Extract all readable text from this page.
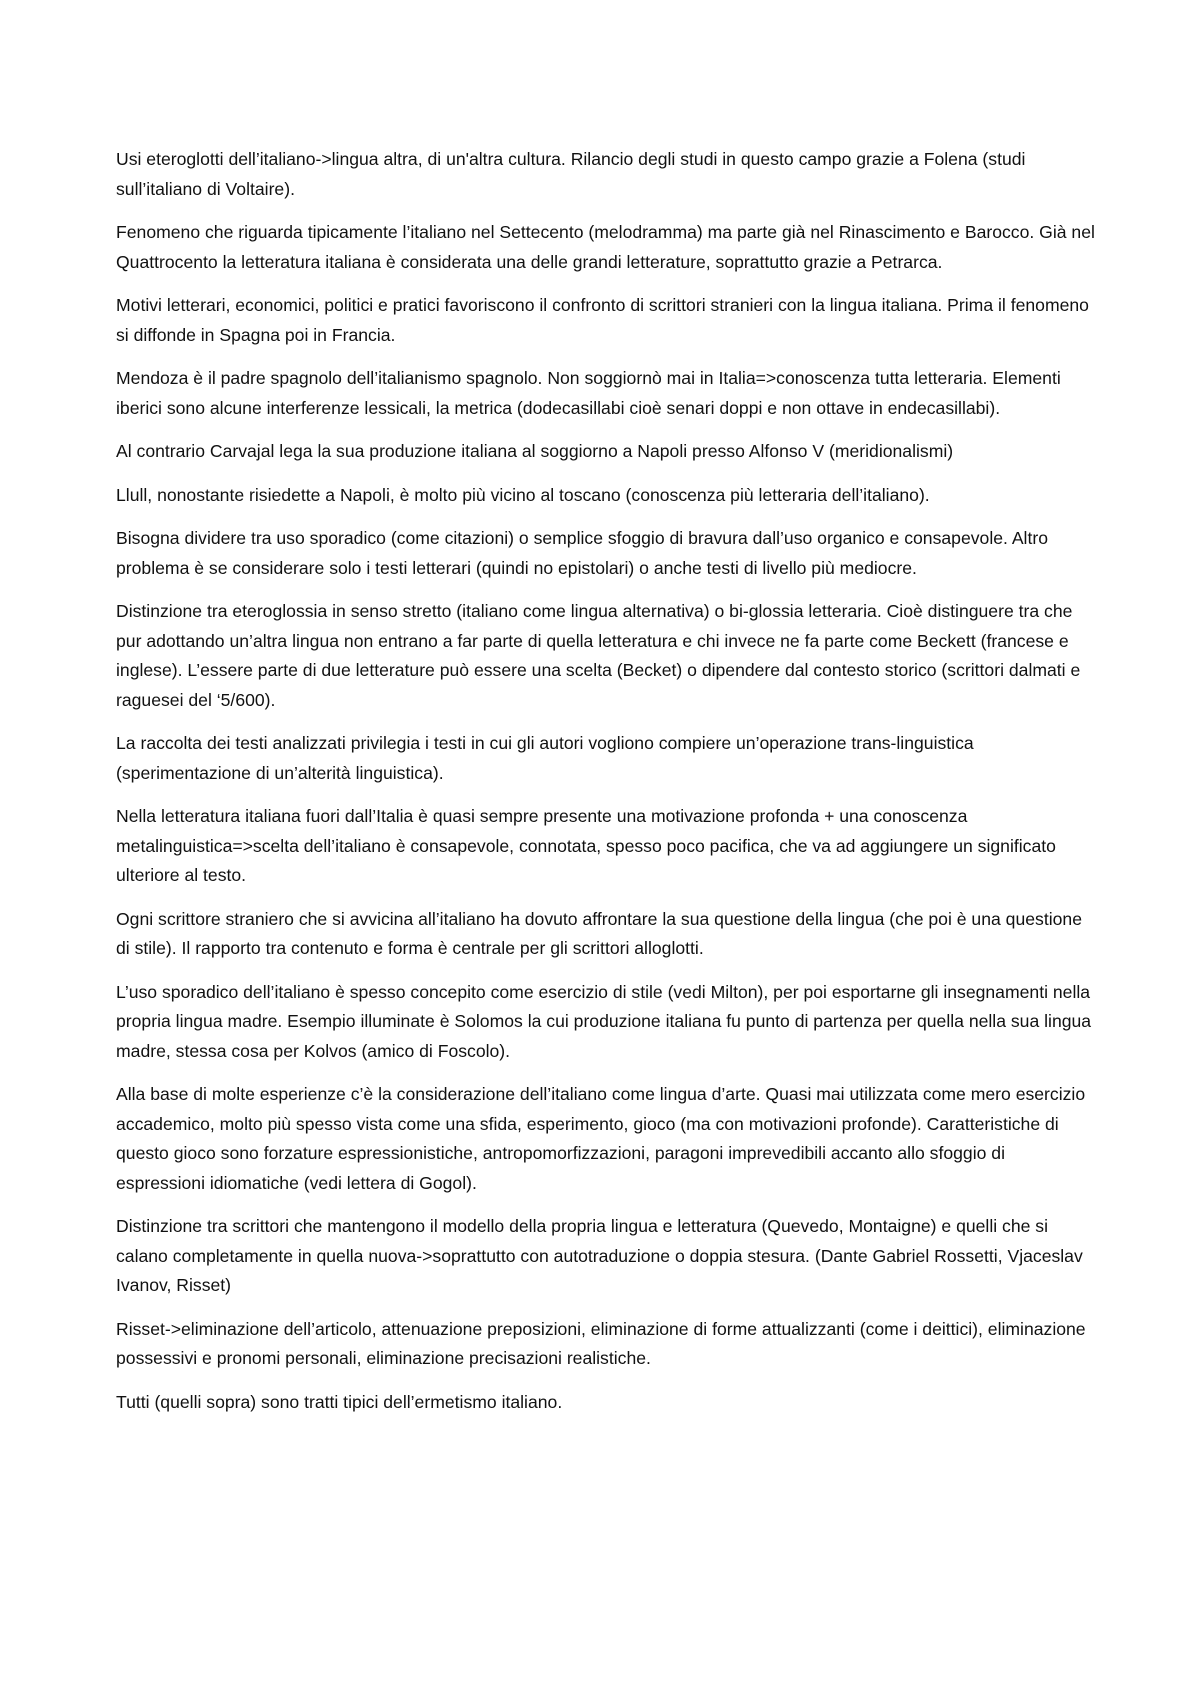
Usi eteroglotti dell’italiano->lingua altra, di un'altra cultura. Rilancio degli studi in questo campo grazie a Folena (studi sull’italiano di Voltaire).

Fenomeno che riguarda tipicamente l’italiano nel Settecento (melodramma) ma parte già nel Rinascimento e Barocco. Già nel Quattrocento la letteratura italiana è considerata una delle grandi letterature, soprattutto grazie a Petrarca.

Motivi letterari, economici, politici e pratici favoriscono il confronto di scrittori stranieri con la lingua italiana. Prima il fenomeno si diffonde in Spagna poi in Francia.

Mendoza è il padre spagnolo dell’italianismo spagnolo. Non soggiornò mai in Italia=>conoscenza tutta letteraria. Elementi iberici sono alcune interferenze lessicali, la metrica (dodecasillabi cioè senari doppi e non ottave in endecasillabi).

Al contrario Carvajal lega la sua produzione italiana al soggiorno a Napoli presso Alfonso V (meridionalismi)

Llull, nonostante risiedette a Napoli, è molto più vicino al toscano (conoscenza più letteraria dell’italiano).

Bisogna dividere tra uso sporadico (come citazioni) o semplice sfoggio di bravura dall’uso organico e consapevole. Altro problema è se considerare solo i testi letterari (quindi no epistolari) o anche testi di livello più mediocre.

Distinzione tra eteroglossia in senso stretto (italiano come lingua alternativa) o bi-glossia letteraria. Cioè distinguere tra che pur adottando un’altra lingua non entrano a far parte di quella letteratura e chi invece ne fa parte come Beckett (francese e inglese). L’essere parte di due letterature può essere una scelta (Becket) o dipendere dal contesto storico (scrittori dalmati e raguesei del ‘5/600).

La raccolta dei testi analizzati privilegia i testi in cui gli autori vogliono compiere un’operazione trans-linguistica (sperimentazione di un’alterità linguistica).

Nella letteratura italiana fuori dall’Italia è quasi sempre presente una motivazione profonda + una conoscenza metalinguistica=>scelta dell’italiano è consapevole, connotata, spesso poco pacifica, che va ad aggiungere un significato ulteriore al testo.

Ogni scrittore straniero che si avvicina all’italiano ha dovuto affrontare la sua questione della lingua (che poi è una questione di stile). Il rapporto tra contenuto e forma è centrale per gli scrittori alloglotti.

L’uso sporadico dell’italiano è spesso concepito come esercizio di stile (vedi Milton), per poi esportarne gli insegnamenti nella propria lingua madre. Esempio illuminate è Solomos la cui produzione italiana fu punto di partenza per quella nella sua lingua madre, stessa cosa per Kolvos (amico di Foscolo).

Alla base di molte esperienze c’è la considerazione dell’italiano come lingua d’arte. Quasi mai utilizzata come mero esercizio accademico, molto più spesso vista come una sfida, esperimento, gioco (ma con motivazioni profonde). Caratteristiche di questo gioco sono forzature espressionistiche, antropomorfizzazioni, paragoni imprevedibili accanto allo sfoggio di espressioni idiomatiche (vedi lettera di Gogol).

Distinzione tra scrittori che mantengono il modello della propria lingua e letteratura (Quevedo, Montaigne) e quelli che si calano completamente in quella nuova->soprattutto con autotraduzione o doppia stesura. (Dante Gabriel Rossetti, Vjaceslav Ivanov, Risset)

Risset->eliminazione dell’articolo, attenuazione preposizioni, eliminazione di forme attualizzanti (come i deittici), eliminazione possessivi e pronomi personali, eliminazione precisazioni realistiche.

Tutti (quelli sopra) sono tratti tipici dell’ermetismo italiano.
